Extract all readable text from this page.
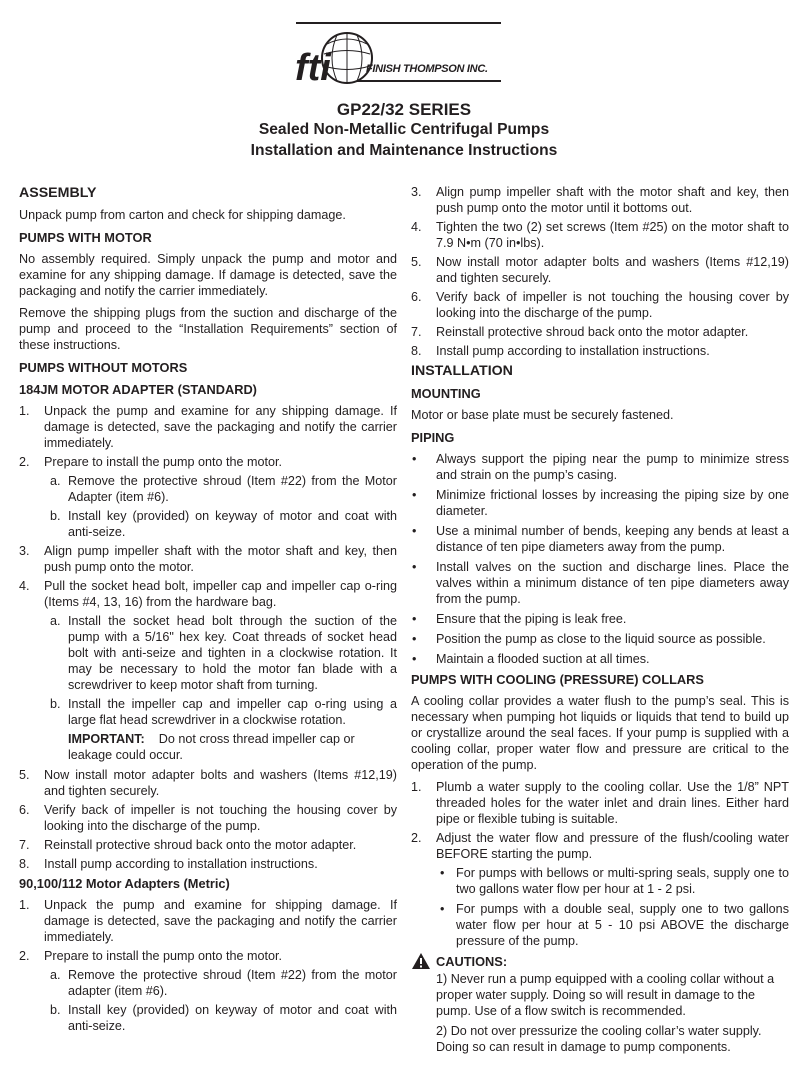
fti	FINISH THOMPSON INC.
GP22/32 SERIES
Sealed Non-Metallic Centrifugal Pumps
Installation and Maintenance Instructions
ASSEMBLY

Unpack pump from carton and check for shipping damage.

PUMPS WITH MOTOR

No assembly required. Simply unpack the pump and motor and examine for any shipping damage. If damage is detected, save the packaging and notify the carrier immediately.

Remove the shipping plugs from the suction and discharge of the pump and proceed to the “Installation Requirements” section of these instructions.

PUMPS WITHOUT MOTORS
184JM MOTOR ADAPTER (STANDARD)
1. Unpack the pump and examine for any shipping damage. If damage is detected, save the packaging and notify the carrier immediately.
2. Prepare to install the pump onto the motor.
a. Remove the protective shroud (Item #22) from the Motor Adapter (item #6).
b. Install key (provided) on keyway of motor and coat with anti-seize.
3. Align pump impeller shaft with the motor shaft and key, then push pump onto the motor.
4. Pull the socket head bolt, impeller cap and impeller cap o-ring (Items #4, 13, 16) from the hardware bag.
a. Install the socket head bolt through the suction of the pump with a 5/16" hex key. Coat threads of socket head bolt with anti-seize and tighten in a clockwise rotation. It may be necessary to hold the motor fan blade with a screwdriver to keep motor shaft from turning.
b. Install the impeller cap and impeller cap o-ring using a large flat head screwdriver in a clockwise rotation.
IMPORTANT: Do not cross thread impeller cap or leakage could occur.
5. Now install motor adapter bolts and washers (Items #12,19) and tighten securely.
6. Verify back of impeller is not touching the housing cover by looking into the discharge of the pump.
7. Reinstall protective shroud back onto the motor adapter.
8. Install pump according to installation instructions.
90,100/112 Motor Adapters (Metric)
1. Unpack the pump and examine for shipping damage. If damage is detected, save the packaging and notify the carrier immediately.
2. Prepare to install the pump onto the motor.
a. Remove the protective shroud (Item #22) from the motor adapter (item #6).
b. Install key (provided) on keyway of motor and coat with anti-seize.
3. Align pump impeller shaft with the motor shaft and key, then push pump onto the motor until it bottoms out.
4. Tighten the two (2) set screws (Item #25) on the motor shaft to 7.9 N•m (70 in•lbs).
5. Now install motor adapter bolts and washers (Items #12,19) and tighten securely.
6. Verify back of impeller is not touching the housing cover by looking into the discharge of the pump.
7. Reinstall protective shroud back onto the motor adapter.
8. Install pump according to installation instructions.
INSTALLATION
MOUNTING

Motor or base plate must be securely fastened.

PIPING
• Always support the piping near the pump to minimize stress and strain on the pump’s casing.
• Minimize frictional losses by increasing the piping size by one diameter.
• Use a minimal number of bends, keeping any bends at least a distance of ten pipe diameters away from the pump.
• Install valves on the suction and discharge lines. Place the valves within a minimum distance of ten pipe diameters away from the pump.
• Ensure that the piping is leak free.
• Position the pump as close to the liquid source as possible.
• Maintain a flooded suction at all times.
PUMPS WITH COOLING (PRESSURE) COLLARS

A cooling collar provides a water flush to the pump’s seal. This is necessary when pumping hot liquids or liquids that tend to build up or crystallize around the seal faces. If your pump is supplied with a cooling collar, proper water flow and pressure are critical to the operation of the pump.

1. Plumb a water supply to the cooling collar. Use the 1/8” NPT threaded holes for the water inlet and drain lines. Either hard pipe or flexible tubing is suitable.
2. Adjust the water flow and pressure of the flush/cooling water BEFORE starting the pump.
• For pumps with bellows or multi-spring seals, supply one to two gallons water flow per hour at 1 - 2 psi.
• For pumps with a double seal, supply one to two gallons water flow per hour at 5 - 10 psi ABOVE the discharge pressure of the pump.
CAUTIONS:

1) Never run a pump equipped with a cooling collar without a proper water supply. Doing so will result in damage to the pump. Use of a flow switch is recommended.

2) Do not over pressurize the cooling collar’s water supply. Doing so can result in damage to pump components.
